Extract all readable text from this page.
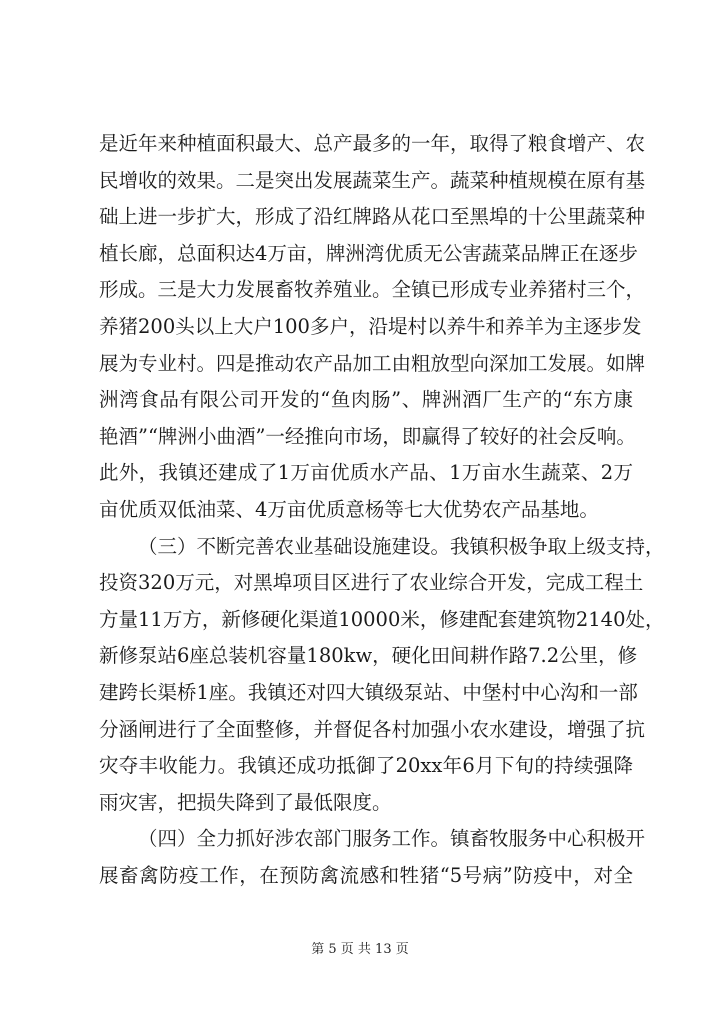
是近年来种植面积最大、总产最多的一年，取得了粮食增产、农
民增收的效果。二是突出发展蔬菜生产。蔬菜种植规模在原有基
础上进一步扩大，形成了沿红牌路从花口至黑埠的十公里蔬菜种
植长廊，总面积达4万亩，牌洲湾优质无公害蔬菜品牌正在逐步
形成。三是大力发展畜牧养殖业。全镇已形成专业养猪村三个，
养猪200头以上大户100多户，沿堤村以养牛和养羊为主逐步发
展为专业村。四是推动农产品加工由粗放型向深加工发展。如牌
洲湾食品有限公司开发的“鱼肉肠”、牌洲酒厂生产的“东方康
艳酒”“牌洲小曲酒”一经推向市场，即赢得了较好的社会反响。
此外，我镇还建成了1万亩优质水产品、1万亩水生蔬菜、2万
亩优质双低油菜、4万亩优质意杨等七大优势农产品基地。
（三）不断完善农业基础设施建设。我镇积极争取上级支持，
投资320万元，对黑埠项目区进行了农业综合开发，完成工程土
方量11万方，新修硬化渠道10000米，修建配套建筑物2140处，
新修泵站6座总装机容量180kw，硬化田间耕作路7.2公里，修
建跨长渠桥1座。我镇还对四大镇级泵站、中堡村中心沟和一部
分涵闸进行了全面整修，并督促各村加强小农水建设，增强了抗
灾夺丰收能力。我镇还成功抵御了20xx年6月下旬的持续强降
雨灾害，把损失降到了最低限度。
（四）全力抓好涉农部门服务工作。镇畜牧服务中心积极开
展畜禽防疫工作，在预防禽流感和牲猪“5号病”防疫中，对全
第 5 页 共 13 页
